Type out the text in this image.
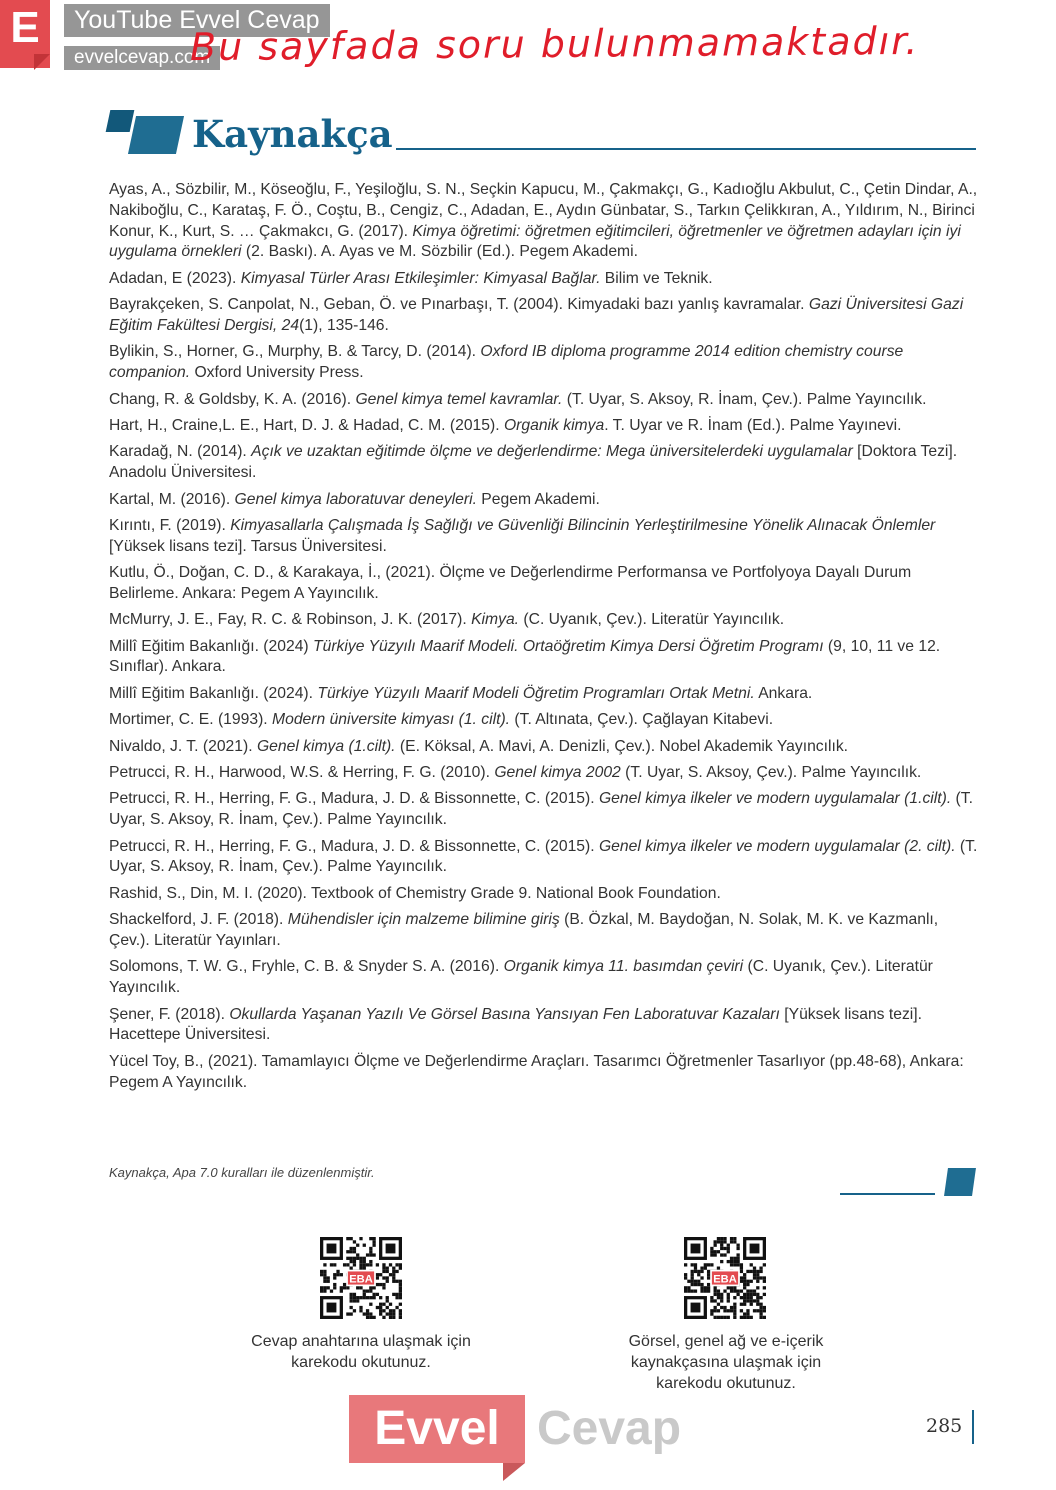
E	YouTube Evvel Cevap
evvelcevap.com
Bu sayfada soru bulunmamaktadır.
Kaynakça
Ayas, A., Sözbilir, M., Köseoğlu, F., Yeşiloğlu, S. N., Seçkin Kapucu, M., Çakmakçı, G., Kadıoğlu Akbulut, C., Çetin Dindar, A., Nakiboğlu, C., Karataş, F. Ö., Coştu, B., Cengiz, C., Adadan, E., Aydın Günbatar, S., Tarkın Çelikkıran, A., Yıldırım, N., Birinci Konur, K., Kurt, S. … Çakmakcı, G. (2017). Kimya öğretimi: öğretmen eğitimcileri, öğretmenler ve öğretmen adayları için iyi uygulama örnekleri (2. Baskı). A. Ayas ve M. Sözbilir (Ed.). Pegem Akademi.
Adadan, E (2023). Kimyasal Türler Arası Etkileşimler: Kimyasal Bağlar. Bilim ve Teknik.
Bayrakçeken, S. Canpolat, N., Geban, Ö. ve Pınarbaşı, T. (2004). Kimyadaki bazı yanlış kavramalar. Gazi Üniversitesi Gazi Eğitim Fakültesi Dergisi, 24(1), 135-146.
Bylikin, S., Horner, G., Murphy, B. & Tarcy, D. (2014). Oxford IB diploma programme 2014 edition chemistry course companion. Oxford University Press.
Chang, R. & Goldsby, K. A. (2016). Genel kimya temel kavramlar. (T. Uyar, S. Aksoy, R. İnam, Çev.). Palme Yayıncılık.
Hart, H., Craine,L. E., Hart, D. J. & Hadad, C. M. (2015). Organik kimya. T. Uyar ve R. İnam (Ed.). Palme Yayınevi.
Karadağ, N. (2014). Açık ve uzaktan eğitimde ölçme ve değerlendirme: Mega üniversitelerdeki uygulamalar [Doktora Tezi]. Anadolu Üniversitesi.
Kartal, M. (2016). Genel kimya laboratuvar deneyleri. Pegem Akademi.
Kırıntı, F. (2019). Kimyasallarla Çalışmada İş Sağlığı ve Güvenliği Bilincinin Yerleştirilmesine Yönelik Alınacak Önlemler [Yüksek lisans tezi]. Tarsus Üniversitesi.
Kutlu, Ö., Doğan, C. D., & Karakaya, İ., (2021). Ölçme ve Değerlendirme Performansa ve Portfolyoya Dayalı Durum Belirleme. Ankara: Pegem A Yayıncılık.
McMurry, J. E., Fay, R. C. & Robinson, J. K. (2017). Kimya. (C. Uyanık, Çev.). Literatür Yayıncılık.
Millî Eğitim Bakanlığı. (2024) Türkiye Yüzyılı Maarif Modeli. Ortaöğretim Kimya Dersi Öğretim Programı (9, 10, 11 ve 12. Sınıflar). Ankara.
Millî Eğitim Bakanlığı. (2024). Türkiye Yüzyılı Maarif Modeli Öğretim Programları Ortak Metni. Ankara.
Mortimer, C. E. (1993). Modern üniversite kimyası (1. cilt). (T. Altınata, Çev.). Çağlayan Kitabevi.
Nivaldo, J. T. (2021). Genel kimya (1.cilt). (E. Köksal, A. Mavi, A. Denizli, Çev.). Nobel Akademik Yayıncılık.
Petrucci, R. H., Harwood, W.S. & Herring, F. G. (2010). Genel kimya 2002 (T. Uyar, S. Aksoy, Çev.). Palme Yayıncılık.
Petrucci, R. H., Herring, F. G., Madura, J. D. & Bissonnette, C. (2015). Genel kimya ilkeler ve modern uygulamalar (1.cilt). (T. Uyar, S. Aksoy, R. İnam, Çev.). Palme Yayıncılık.
Petrucci, R. H., Herring, F. G., Madura, J. D. & Bissonnette, C. (2015). Genel kimya ilkeler ve modern uygulamalar (2. cilt). (T. Uyar, S. Aksoy, R. İnam, Çev.). Palme Yayıncılık.
Rashid, S., Din, M. I. (2020). Textbook of Chemistry Grade 9. National Book Foundation.
Shackelford, J. F. (2018). Mühendisler için malzeme bilimine giriş (B. Özkal, M. Baydoğan, N. Solak, M. K. ve Kazmanlı, Çev.). Literatür Yayınları.
Solomons, T. W. G., Fryhle, C. B. & Snyder S. A. (2016). Organik kimya 11. basımdan çeviri (C. Uyanık, Çev.). Literatür Yayıncılık.
Şener, F. (2018). Okullarda Yaşanan Yazılı Ve Görsel Basına Yansıyan Fen Laboratuvar Kazaları [Yüksek lisans tezi]. Hacettepe Üniversitesi.
Yücel Toy, B., (2021). Tamamlayıcı Ölçme ve Değerlendirme Araçları. Tasarımcı Öğretmenler Tasarlıyor (pp.48-68), Ankara: Pegem A Yayıncılık.
Kaynakça, Apa 7.0 kuralları ile düzenlenmiştir.
EBA
Cevap anahtarına ulaşmak için karekodu okutunuz.
EBA
Görsel, genel ağ ve e-içerik kaynakçasına ulaşmak için karekodu okutunuz.
Evvel Cevap	285
